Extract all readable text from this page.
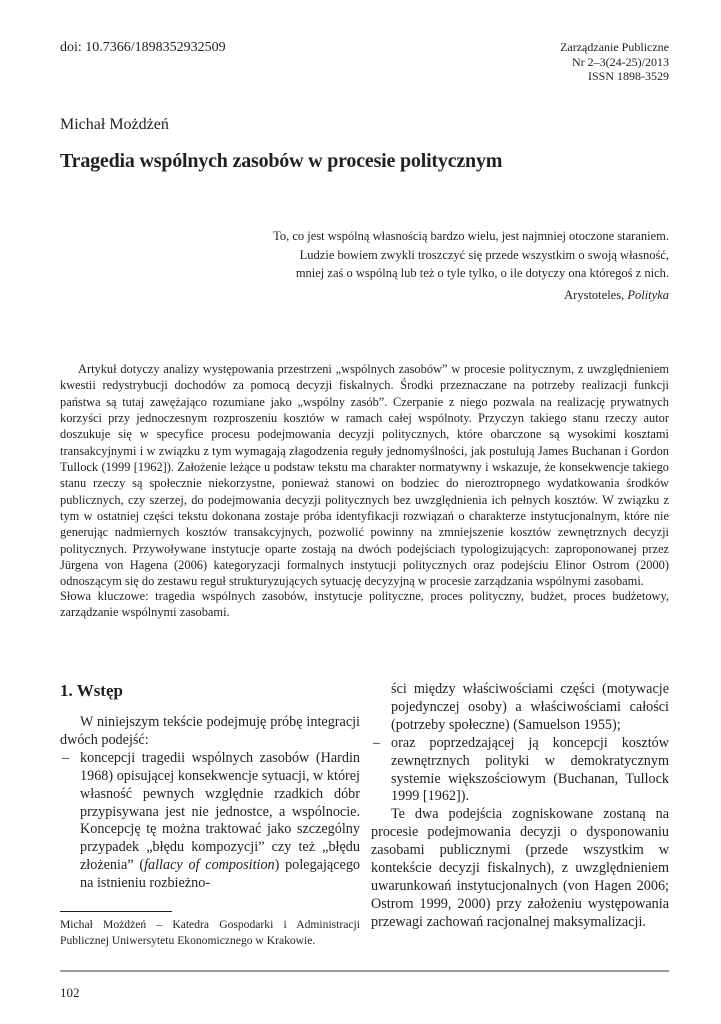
doi: 10.7366/1898352932509	Zarządzanie Publiczne
Nr 2–3(24-25)/2013
ISSN 1898-3529
Michał Możdżeń
Tragedia wspólnych zasobów w procesie politycznym
To, co jest wspólną własnością bardzo wielu, jest najmniej otoczone staraniem.
Ludzie bowiem zwykli troszczyć się przede wszystkim o swoją własność,
mniej zaś o wspólną lub też o tyle tylko, o ile dotyczy ona któregoś z nich.
Arystoteles, Polityka

Artykuł dotyczy analizy występowania przestrzeni „wspólnych zasobów” w procesie politycznym, z uwzględnieniem kwestii redystrybucji dochodów za pomocą decyzji fiskalnych. Środki przeznaczane na potrzeby realizacji funkcji państwa są tutaj zawężająco rozumiane jako „wspólny zasób”. Czerpanie z niego pozwala na realizację prywatnych korzyści przy jednoczesnym rozproszeniu kosztów w ramach całej wspólnoty. Przyczyn takiego stanu rzeczy autor doszukuje się w specyfice procesu podejmowania decyzji politycznych, które obarczone są wysokimi kosztami transakcyjnymi i w związku z tym wymagają złagodzenia reguły jednomyślności, jak postulują James Buchanan i Gordon Tullock (1999 [1962]). Założenie leżące u podstaw tekstu ma charakter normatywny i wskazuje, że konsekwencje takiego stanu rzeczy są społecznie niekorzystne, ponieważ stanowi on bodziec do nieroztropnego wydatkowania środków publicznych, czy szerzej, do podejmowania decyzji politycznych bez uwzględnienia ich pełnych kosztów. W związku z tym w ostatniej części tekstu dokonana zostaje próba identyfikacji rozwiązań o charakterze instytucjonalnym, które nie generując nadmiernych kosztów transakcyjnych, pozwolić powinny na zmniejszenie kosztów zewnętrznych decyzji politycznych. Przywoływane instytucje oparte zostają na dwóch podejściach typologizujących: zaproponowanej przez Jürgena von Hagena (2006) kategoryzacji formalnych instytucji politycznych oraz podejściu Elinor Ostrom (2000) odnoszącym się do zestawu reguł strukturyzujących sytuację decyzyjną w procesie zarządzania wspólnymi zasobami.

Słowa kluczowe: tragedia wspólnych zasobów, instytucje polityczne, proces polityczny, budżet, proces budżetowy, zarządzanie wspólnymi zasobami.

1. Wstęp

W niniejszym tekście podejmuję próbę integracji dwóch podejść:

– koncepcji tragedii wspólnych zasobów (Hardin 1968) opisującej konsekwencje sytuacji, w której własność pewnych względnie rzadkich dóbr przypisywana jest nie jednostce, a wspólnocie. Koncepcję tę można traktować jako szczególny przypadek „błędu kompozycji” czy też „błędu złożenia” (fallacy of composition) polegającego na istnieniu rozbieżno-

ści między właściwościami części (motywacje pojedynczej osoby) a właściwościami całości (potrzeby społeczne) (Samuelson 1955);

– oraz poprzedzającej ją koncepcji kosztów zewnętrznych polityki w demokratycznym systemie większościowym (Buchanan, Tullock 1999 [1962]).

Te dwa podejścia zogniskowane zostaną na procesie podejmowania decyzji o dysponowaniu zasobami publicznymi (przede wszystkim w kontekście decyzji fiskalnych), z uwzględnieniem uwarunkowań instytucjonalnych (von Hagen 2006; Ostrom 1999, 2000) przy założeniu występowania przewagi zachowań racjonalnej maksymalizacji.

Michał Możdżeń – Katedra Gospodarki i Administracji Publicznej Uniwersytetu Ekonomicznego w Krakowie.

102
